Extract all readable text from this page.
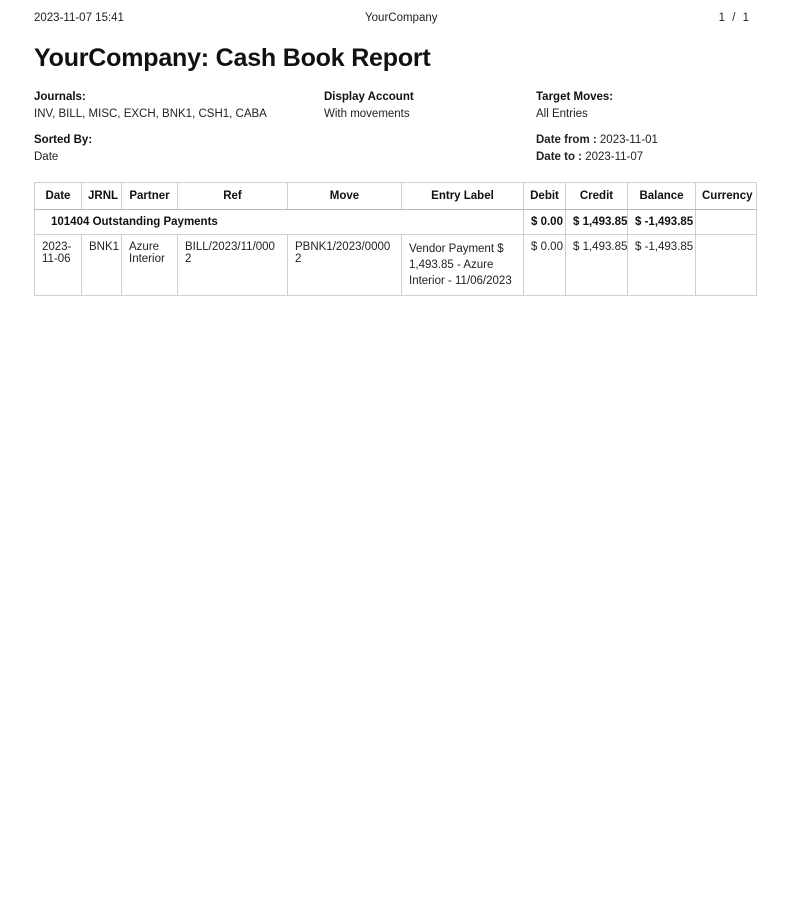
2023-11-07 15:41	YourCompany	1 / 1
YourCompany: Cash Book Report
Journals:
INV, BILL, MISC, EXCH, BNK1, CSH1, CABA
Display Account
With movements
Target Moves:
All Entries
Sorted By:
Date
Date from : 2023-11-01
Date to : 2023-11-07
Date	JRNL	Partner	Ref	Move	Entry Label	Debit	Credit	Balance	Currency
101404 Outstanding Payments						$ 0.00	$ 1,493.85	$ -1,493.85	
2023-11-06	BNK1	Azure Interior	BILL/2023/11/0002	PBNK1/2023/00002	Vendor Payment $ 1,493.85 - Azure Interior - 11/06/2023	$ 0.00	$ 1,493.85	$ -1,493.85	
